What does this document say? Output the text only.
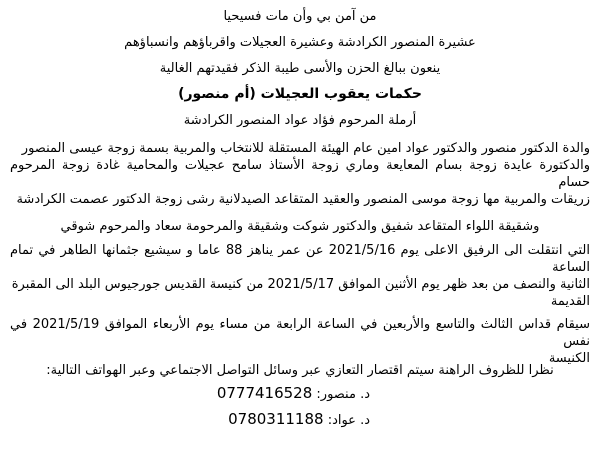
من آمن بي وأن مات فسيحيا
عشيرة المنصور الكرادشة وعشيرة العجيلات واقرباؤهم وانسباؤهم
ينعون ببالغ الحزن والأسى طيبة الذكر فقيدتهم الغالية
حكمات يعقوب العجيلات (أم منصور)
أرملة المرحوم فؤاد عواد المنصور الكرادشة
والدة الدكتور منصور والدكتور عواد امين عام الهيئة المستقلة للانتخاب والمربية بسمة زوجة عيسى المنصور
والدكتورة عايدة زوجة بسام المعايعة وماري زوجة الأستاذ سامح عجيلات والمحامية غادة زوجة المرحوم حسام
زريقات والمربية مها زوجة موسى المنصور والعقيد المتقاعد الصيدلانية رشى زوجة الدكتور عصمت الكرادشة
وشقيقة اللواء المتقاعد شفيق والدكتور شوكت وشقيقة والمرحومة سعاد والمرحوم شوقي
التي انتقلت الى الرفيق الاعلى يوم 2021/5/16 عن عمر يناهز 88 عاما و سيشيع جثمانها الطاهر في تمام الساعة
الثانية والنصف من بعد ظهر يوم الأثنين الموافق 2021/5/17 من كنيسة القديس جورجيوس البلد الى المقبرة
القديمة
سيقام قداس الثالث والتاسع والأربعين في الساعة الرابعة من مساء يوم الأربعاء الموافق 2021/5/19 في نفس
الكنيسة
نظرا للظروف الراهنة سيتم اقتصار التعازي عبر وسائل التواصل الاجتماعي وعبر الهواتف التالية:
د. منصور: 0777416528
د. عواد: 0780311188
